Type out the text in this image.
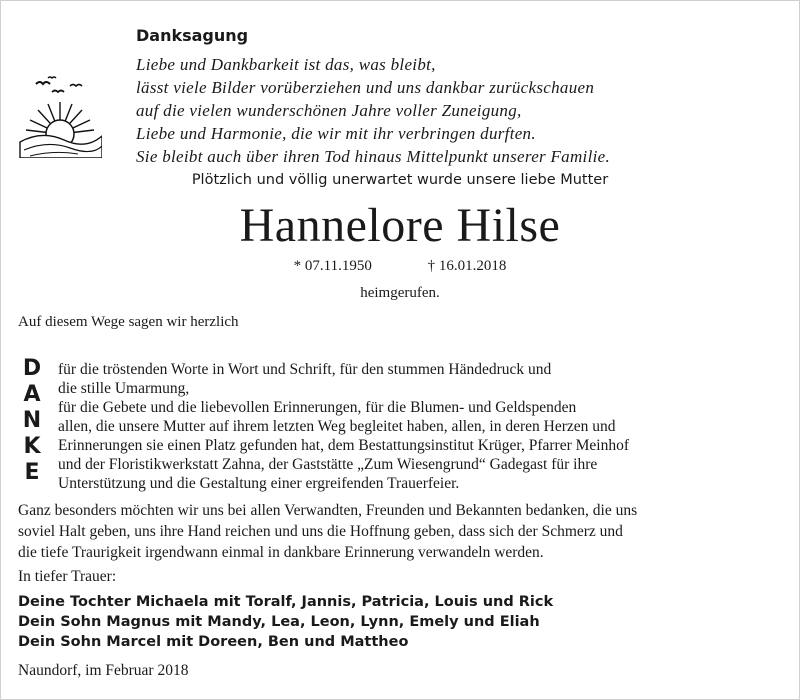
Danksagung
Liebe und Dankbarkeit ist das, was bleibt,
lässt viele Bilder vorüberziehen und uns dankbar zurückschauen
auf die vielen wunderschönen Jahre voller Zuneigung,
Liebe und Harmonie, die wir mit ihr verbringen durften.
Sie bleibt auch über ihren Tod hinaus Mittelpunkt unserer Familie.
Plötzlich und völlig unerwartet wurde unsere liebe Mutter
Hannelore Hilse
* 07.11.1950	† 16.01.2018
heimgerufen.
Auf diesem Wege sagen wir herzlich
D
A
N
K
E
für die tröstenden Worte in Wort und Schrift, für den stummen Händedruck und
die stille Umarmung,
für die Gebete und die liebevollen Erinnerungen, für die Blumen- und Geldspenden
allen, die unsere Mutter auf ihrem letzten Weg begleitet haben, allen, in deren Herzen und
Erinnerungen sie einen Platz gefunden hat, dem Bestattungsinstitut Krüger, Pfarrer Meinhof
und der Floristikwerkstatt Zahna, der Gaststätte „Zum Wiesengrund“ Gadegast für ihre
Unterstützung und die Gestaltung einer ergreifenden Trauerfeier.
Ganz besonders möchten wir uns bei allen Verwandten, Freunden und Bekannten bedanken, die uns
soviel Halt geben, uns ihre Hand reichen und uns die Hoffnung geben, dass sich der Schmerz und
die tiefe Traurigkeit irgendwann einmal in dankbare Erinnerung verwandeln werden.
In tiefer Trauer:
Deine Tochter Michaela mit Toralf, Jannis, Patricia, Louis und Rick
Dein Sohn Magnus mit Mandy, Lea, Leon, Lynn, Emely und Eliah
Dein Sohn Marcel mit Doreen, Ben und Mattheo
Naundorf, im Februar 2018
